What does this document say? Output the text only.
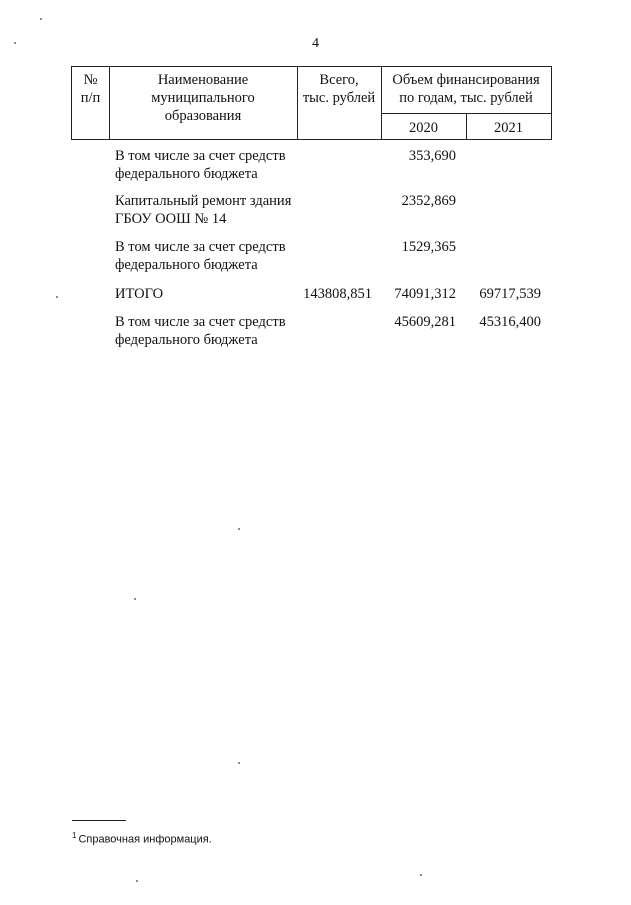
4
№
п/п
Наименование
муниципального
образования
Всего,
тыс. рублей
Объем финансирования
по годам, тыс. рублей
2020	2021
В том числе за счет средств федерального бюджета
353,690
Капитальный ремонт здания ГБОУ ООШ № 14
2352,869
В том числе за счет средств федерального бюджета
1529,365
ИТОГО	143808,851 74091,312 69717,539
В том числе за счет средств федерального бюджета
45609,281 45316,400
$^1$ Справочная информация.
